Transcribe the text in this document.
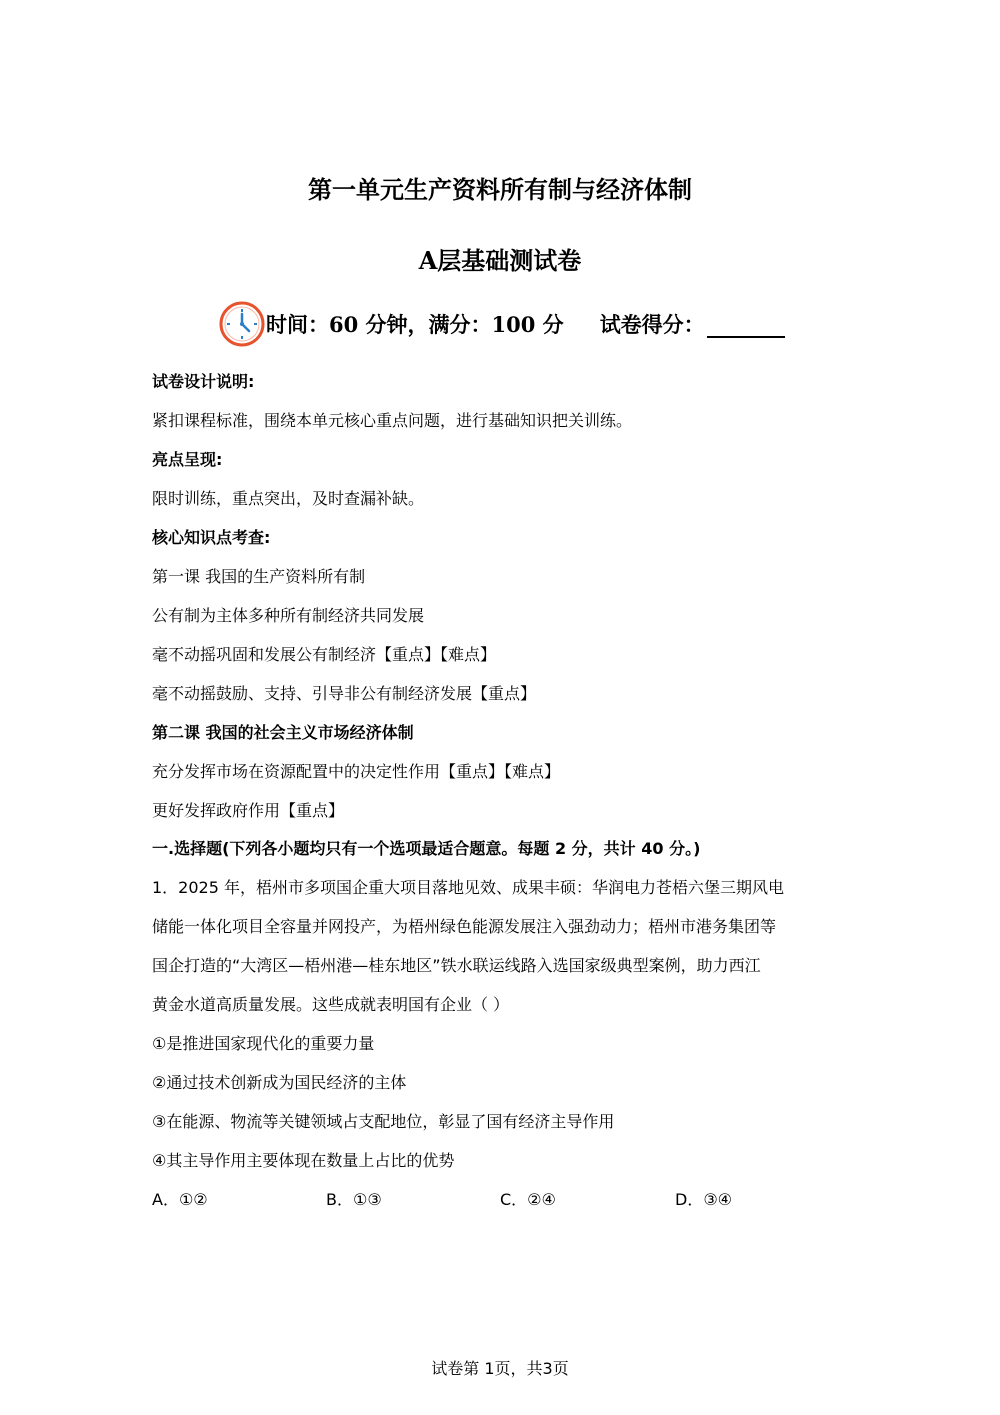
第一单元生产资料所有制与经济体制
A层基础测试卷
时间：60 分钟，满分：100 分 试卷得分：
试卷设计说明:
紧扣课程标准，围绕本单元核心重点问题，进行基础知识把关训练。
亮点呈现:
限时训练，重点突出，及时查漏补缺。
核心知识点考查:
第一课 我国的生产资料所有制
公有制为主体多种所有制经济共同发展
毫不动摇巩固和发展公有制经济【重点】【难点】
毫不动摇鼓励、支持、引导非公有制经济发展【重点】
第二课 我国的社会主义市场经济体制
充分发挥市场在资源配置中的决定性作用【重点】【难点】
更好发挥政府作用【重点】
一.选择题(下列各小题均只有一个选项最适合题意。每题 2 分，共计 40 分。)
1．2025 年，梧州市多项国企重大项目落地见效、成果丰硕：华润电力苍梧六堡三期风电
储能一体化项目全容量并网投产，为梧州绿色能源发展注入强劲动力；梧州市港务集团等
国企打造的“大湾区—梧州港—桂东地区”铁水联运线路入选国家级典型案例，助力西江
黄金水道高质量发展。这些成就表明国有企业（ ）
①是推进国家现代化的重要力量
②通过技术创新成为国民经济的主体
③在能源、物流等关键领域占支配地位，彰显了国有经济主导作用
④其主导作用主要体现在数量上占比的优势
A．①②	B．①③	C．②④	D．③④
试卷第 1页，共3页
